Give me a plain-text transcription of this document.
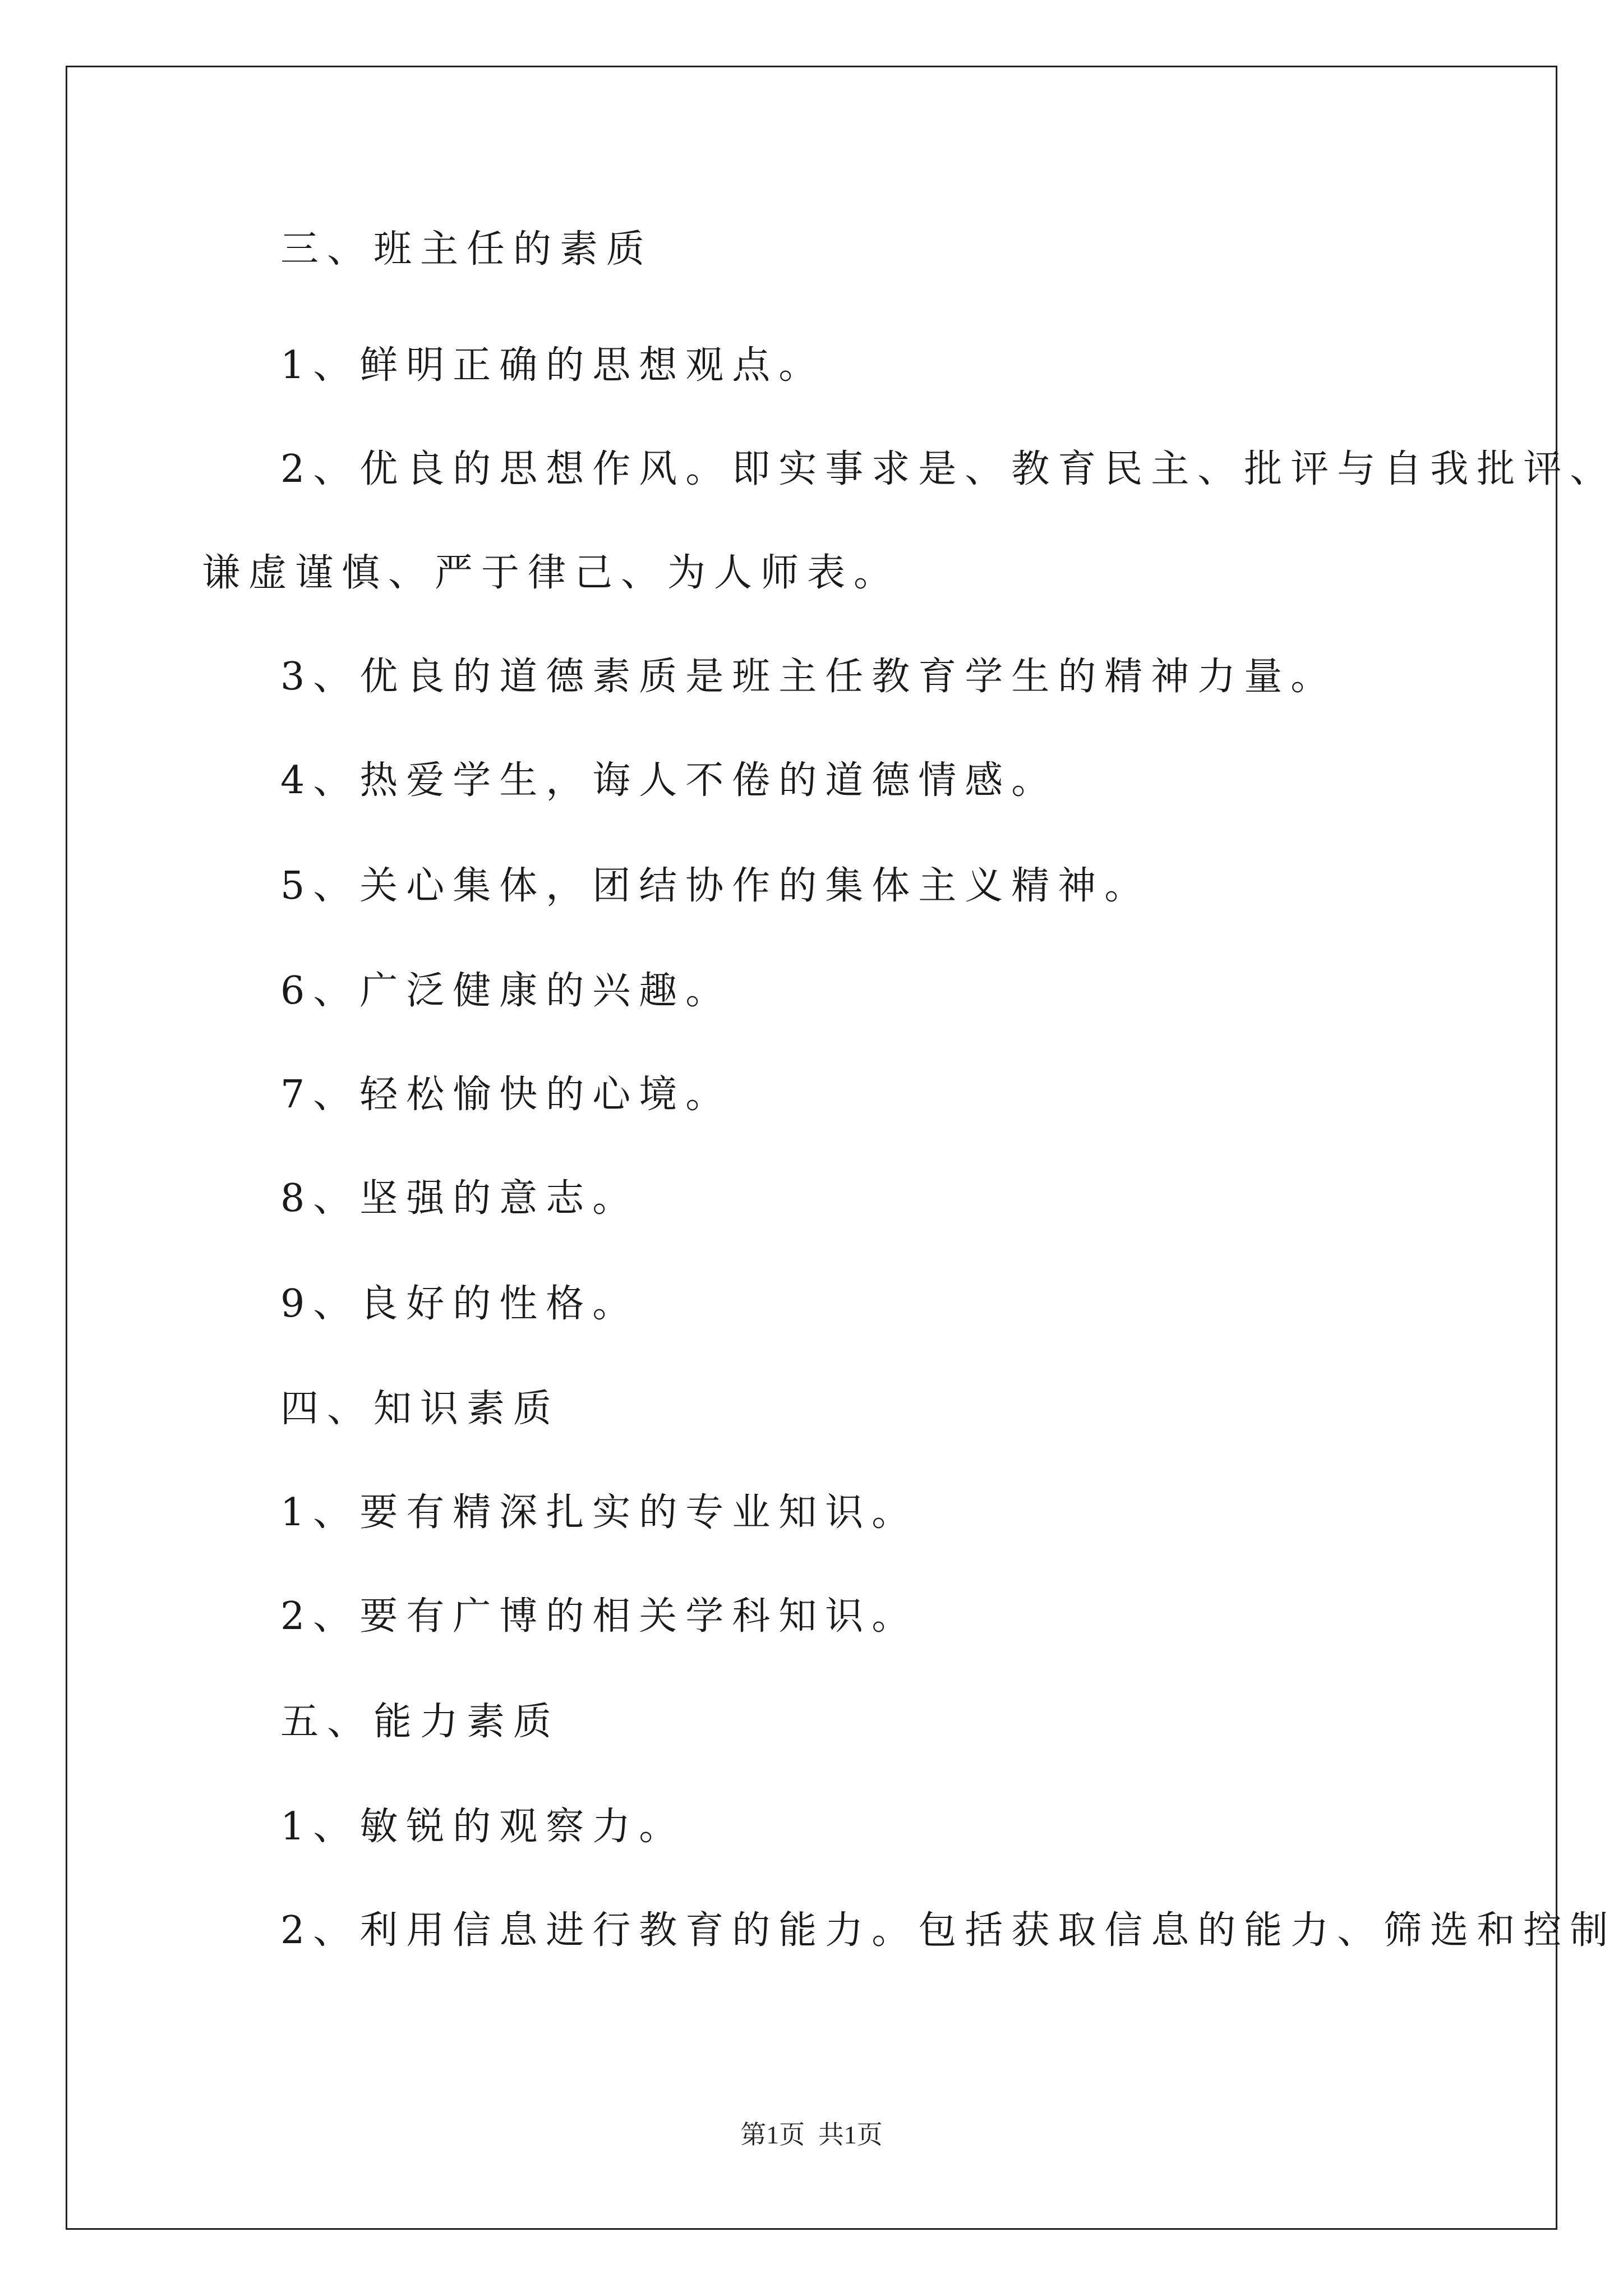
三、班主任的素质

1、鲜明正确的思想观点。

2、优良的思想作风。即实事求是、教育民主、批评与自我批评、

谦虚谨慎、严于律己、为人师表。

3、优良的道德素质是班主任教育学生的精神力量。

4、热爱学生，诲人不倦的道德情感。

5、关心集体，团结协作的集体主义精神。

6、广泛健康的兴趣。

7、轻松愉快的心境。

8、坚强的意志。

9、良好的性格。

四、知识素质

1、要有精深扎实的专业知识。

2、要有广博的相关学科知识。

五、能力素质

1、敏锐的观察力。

2、利用信息进行教育的能力。包括获取信息的能力、筛选和控制

第1页 共1页
